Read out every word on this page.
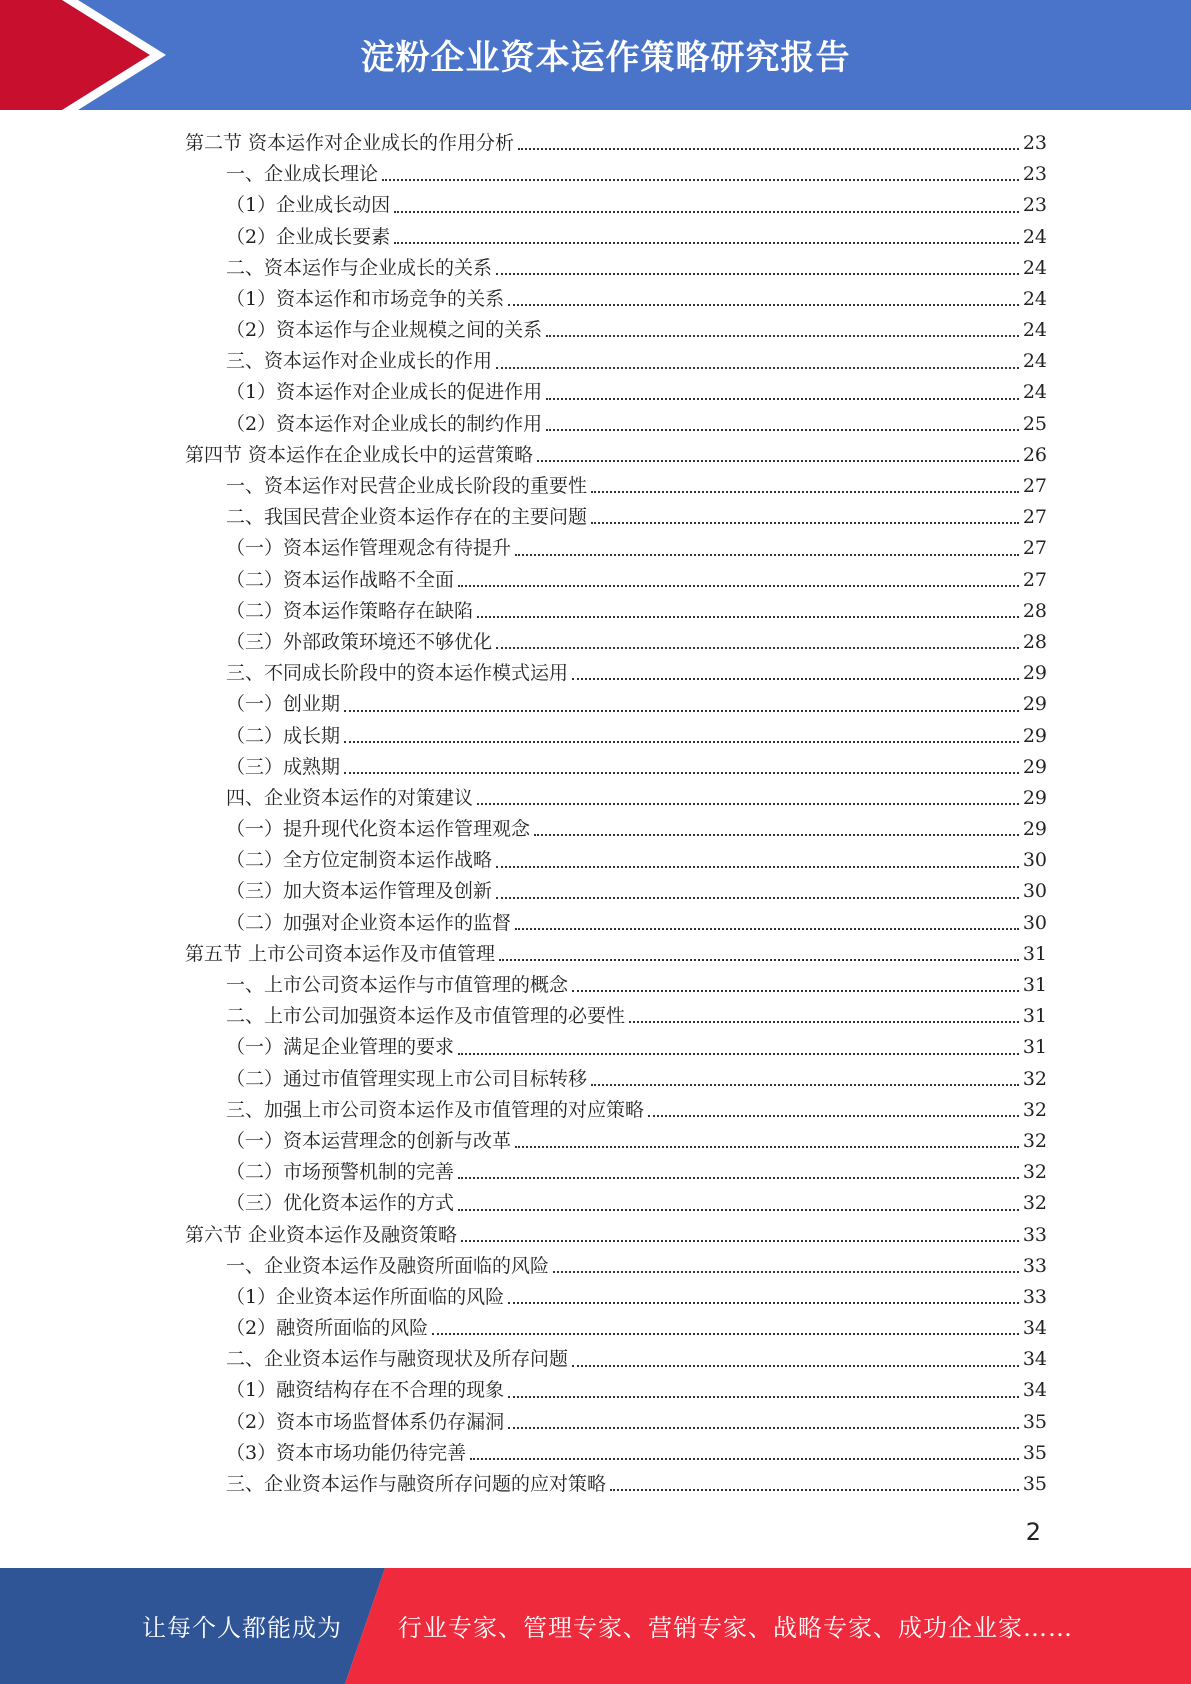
淀粉企业资本运作策略研究报告
第二节 资本运作对企业成长的作用分析	23
一、企业成长理论	23
（1）企业成长动因	23
（2）企业成长要素	24
二、资本运作与企业成长的关系	24
（1）资本运作和市场竞争的关系	24
（2）资本运作与企业规模之间的关系	24
三、资本运作对企业成长的作用	24
（1）资本运作对企业成长的促进作用	24
（2）资本运作对企业成长的制约作用	25
第四节 资本运作在企业成长中的运营策略	26
一、资本运作对民营企业成长阶段的重要性	27
二、我国民营企业资本运作存在的主要问题	27
（一）资本运作管理观念有待提升	27
（二）资本运作战略不全面	27
（二）资本运作策略存在缺陷	28
（三）外部政策环境还不够优化	28
三、不同成长阶段中的资本运作模式运用	29
（一）创业期	29
（二）成长期	29
（三）成熟期	29
四、企业资本运作的对策建议	29
（一）提升现代化资本运作管理观念	29
（二）全方位定制资本运作战略	30
（三）加大资本运作管理及创新	30
（二）加强对企业资本运作的监督	30
第五节 上市公司资本运作及市值管理	31
一、上市公司资本运作与市值管理的概念	31
二、上市公司加强资本运作及市值管理的必要性	31
（一）满足企业管理的要求	31
（二）通过市值管理实现上市公司目标转移	32
三、加强上市公司资本运作及市值管理的对应策略	32
（一）资本运营理念的创新与改革	32
（二）市场预警机制的完善	32
（三）优化资本运作的方式	32
第六节 企业资本运作及融资策略	33
一、企业资本运作及融资所面临的风险	33
（1）企业资本运作所面临的风险	33
（2）融资所面临的风险	34
二、企业资本运作与融资现状及所存问题	34
（1）融资结构存在不合理的现象	34
（2）资本市场监督体系仍存漏洞	35
（3）资本市场功能仍待完善	35
三、企业资本运作与融资所存问题的应对策略	35
2
让每个人都能成为 行业专家、管理专家、营销专家、战略专家、成功企业家……
